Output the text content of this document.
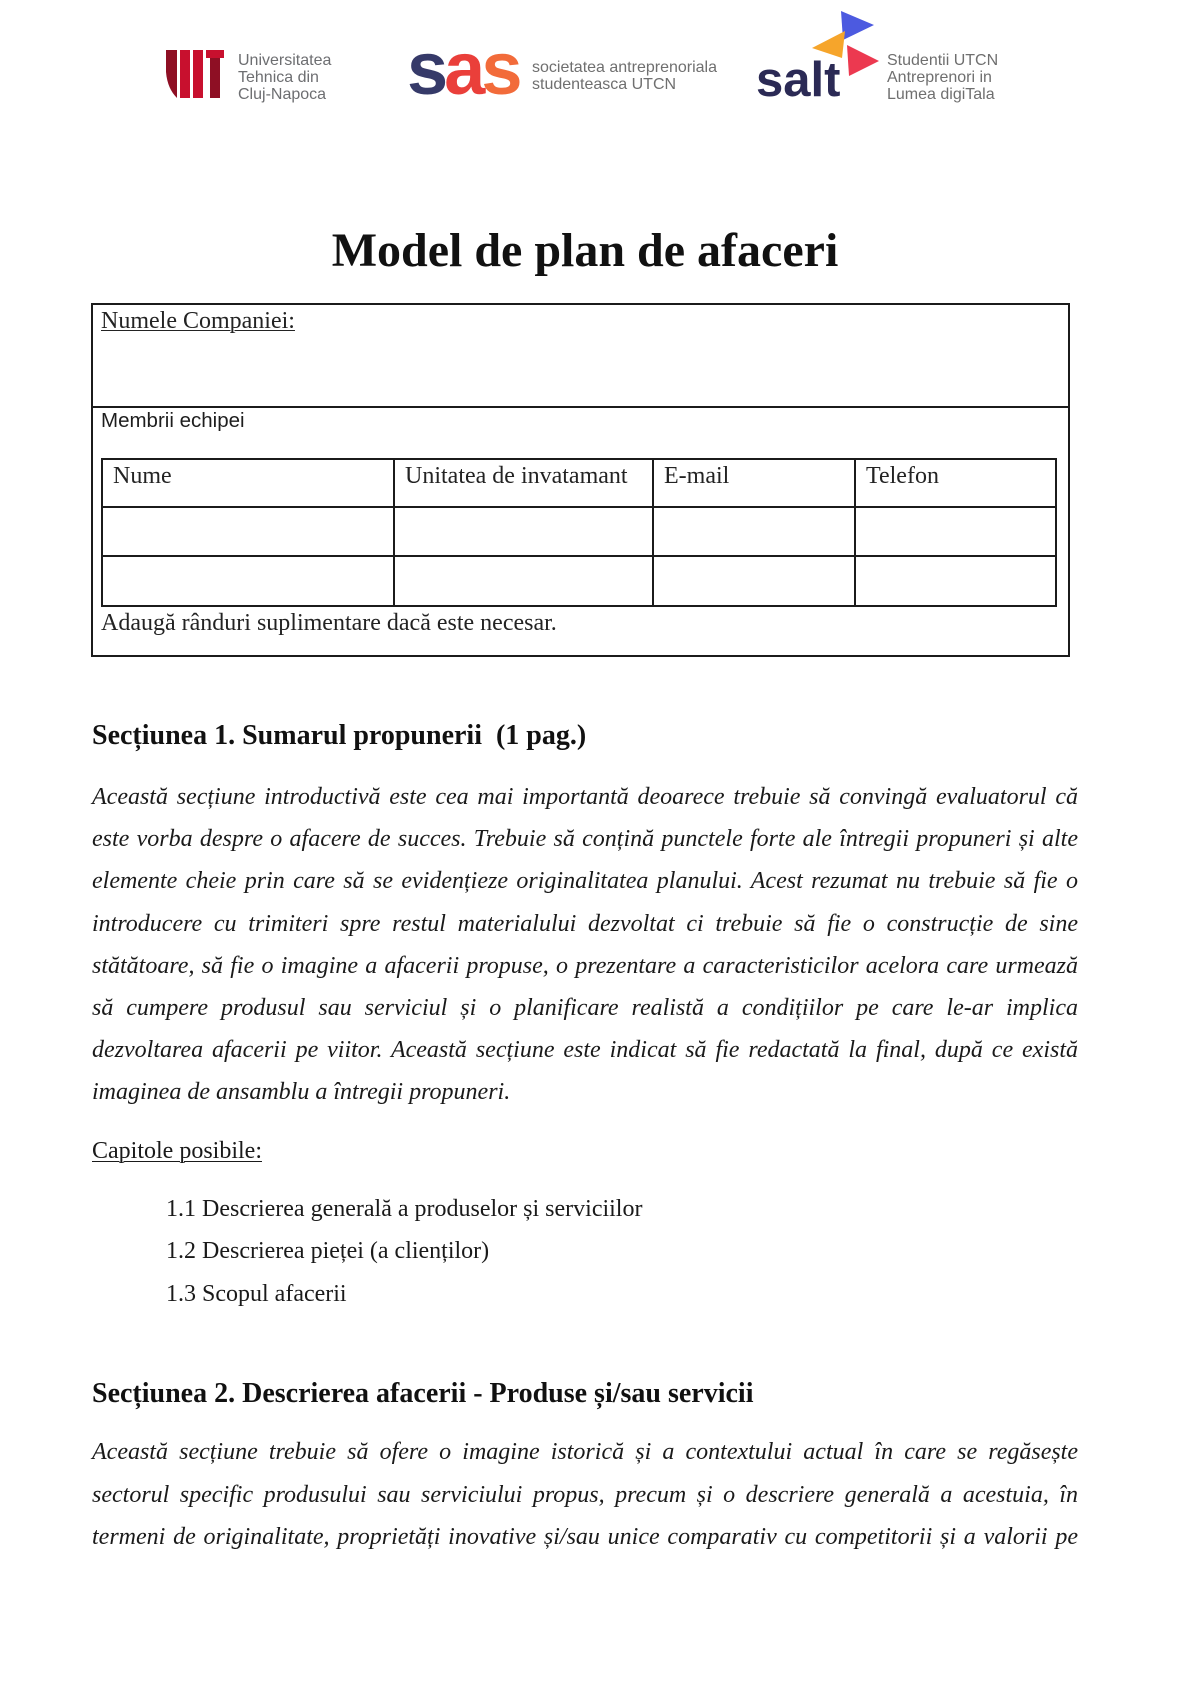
Universitatea
Tehnica din
Cluj-Napoca sas societatea antreprenoriala
studenteasca UTCN	salt	Studentii UTCN
Antreprenori in
Lumea digiTala
Model de plan de afaceri
Numele Companiei:
Membrii echipei
Nume	Unitatea de invatamant	E-mail	Telefon
Adaugă rânduri suplimentare dacă este necesar.
Secțiunea 1. Sumarul propunerii  (1 pag.)
Această secțiune introductivă este cea mai importantă deoarece trebuie să convingă evaluatorul că
este vorba despre o afacere de succes. Trebuie să conțină punctele forte ale întregii propuneri și alte
elemente cheie prin care să se evidențieze originalitatea planului. Acest rezumat nu trebuie să fie o
introducere cu trimiteri spre restul materialului dezvoltat ci trebuie să fie o construcție de sine
stătătoare, să fie o imagine a afacerii propuse, o prezentare a caracteristicilor acelora care urmează
să cumpere produsul sau serviciul și o planificare realistă a condițiilor pe care le-ar implica
dezvoltarea afacerii pe viitor. Această secțiune este indicat să fie redactată la final, după ce există
imaginea de ansamblu a întregii propuneri.
Capitole posibile:
1.1 Descrierea generală a produselor și serviciilor
1.2 Descrierea pieței (a clienților)
1.3 Scopul afacerii
Secțiunea 2. Descrierea afacerii - Produse și/sau servicii
Această secțiune trebuie să ofere o imagine istorică și a contextului actual în care se regăsește
sectorul specific produsului sau serviciului propus, precum și o descriere generală a acestuia, în
termeni de originalitate, proprietăți inovative și/sau unice comparativ cu competitorii și a valorii pe
